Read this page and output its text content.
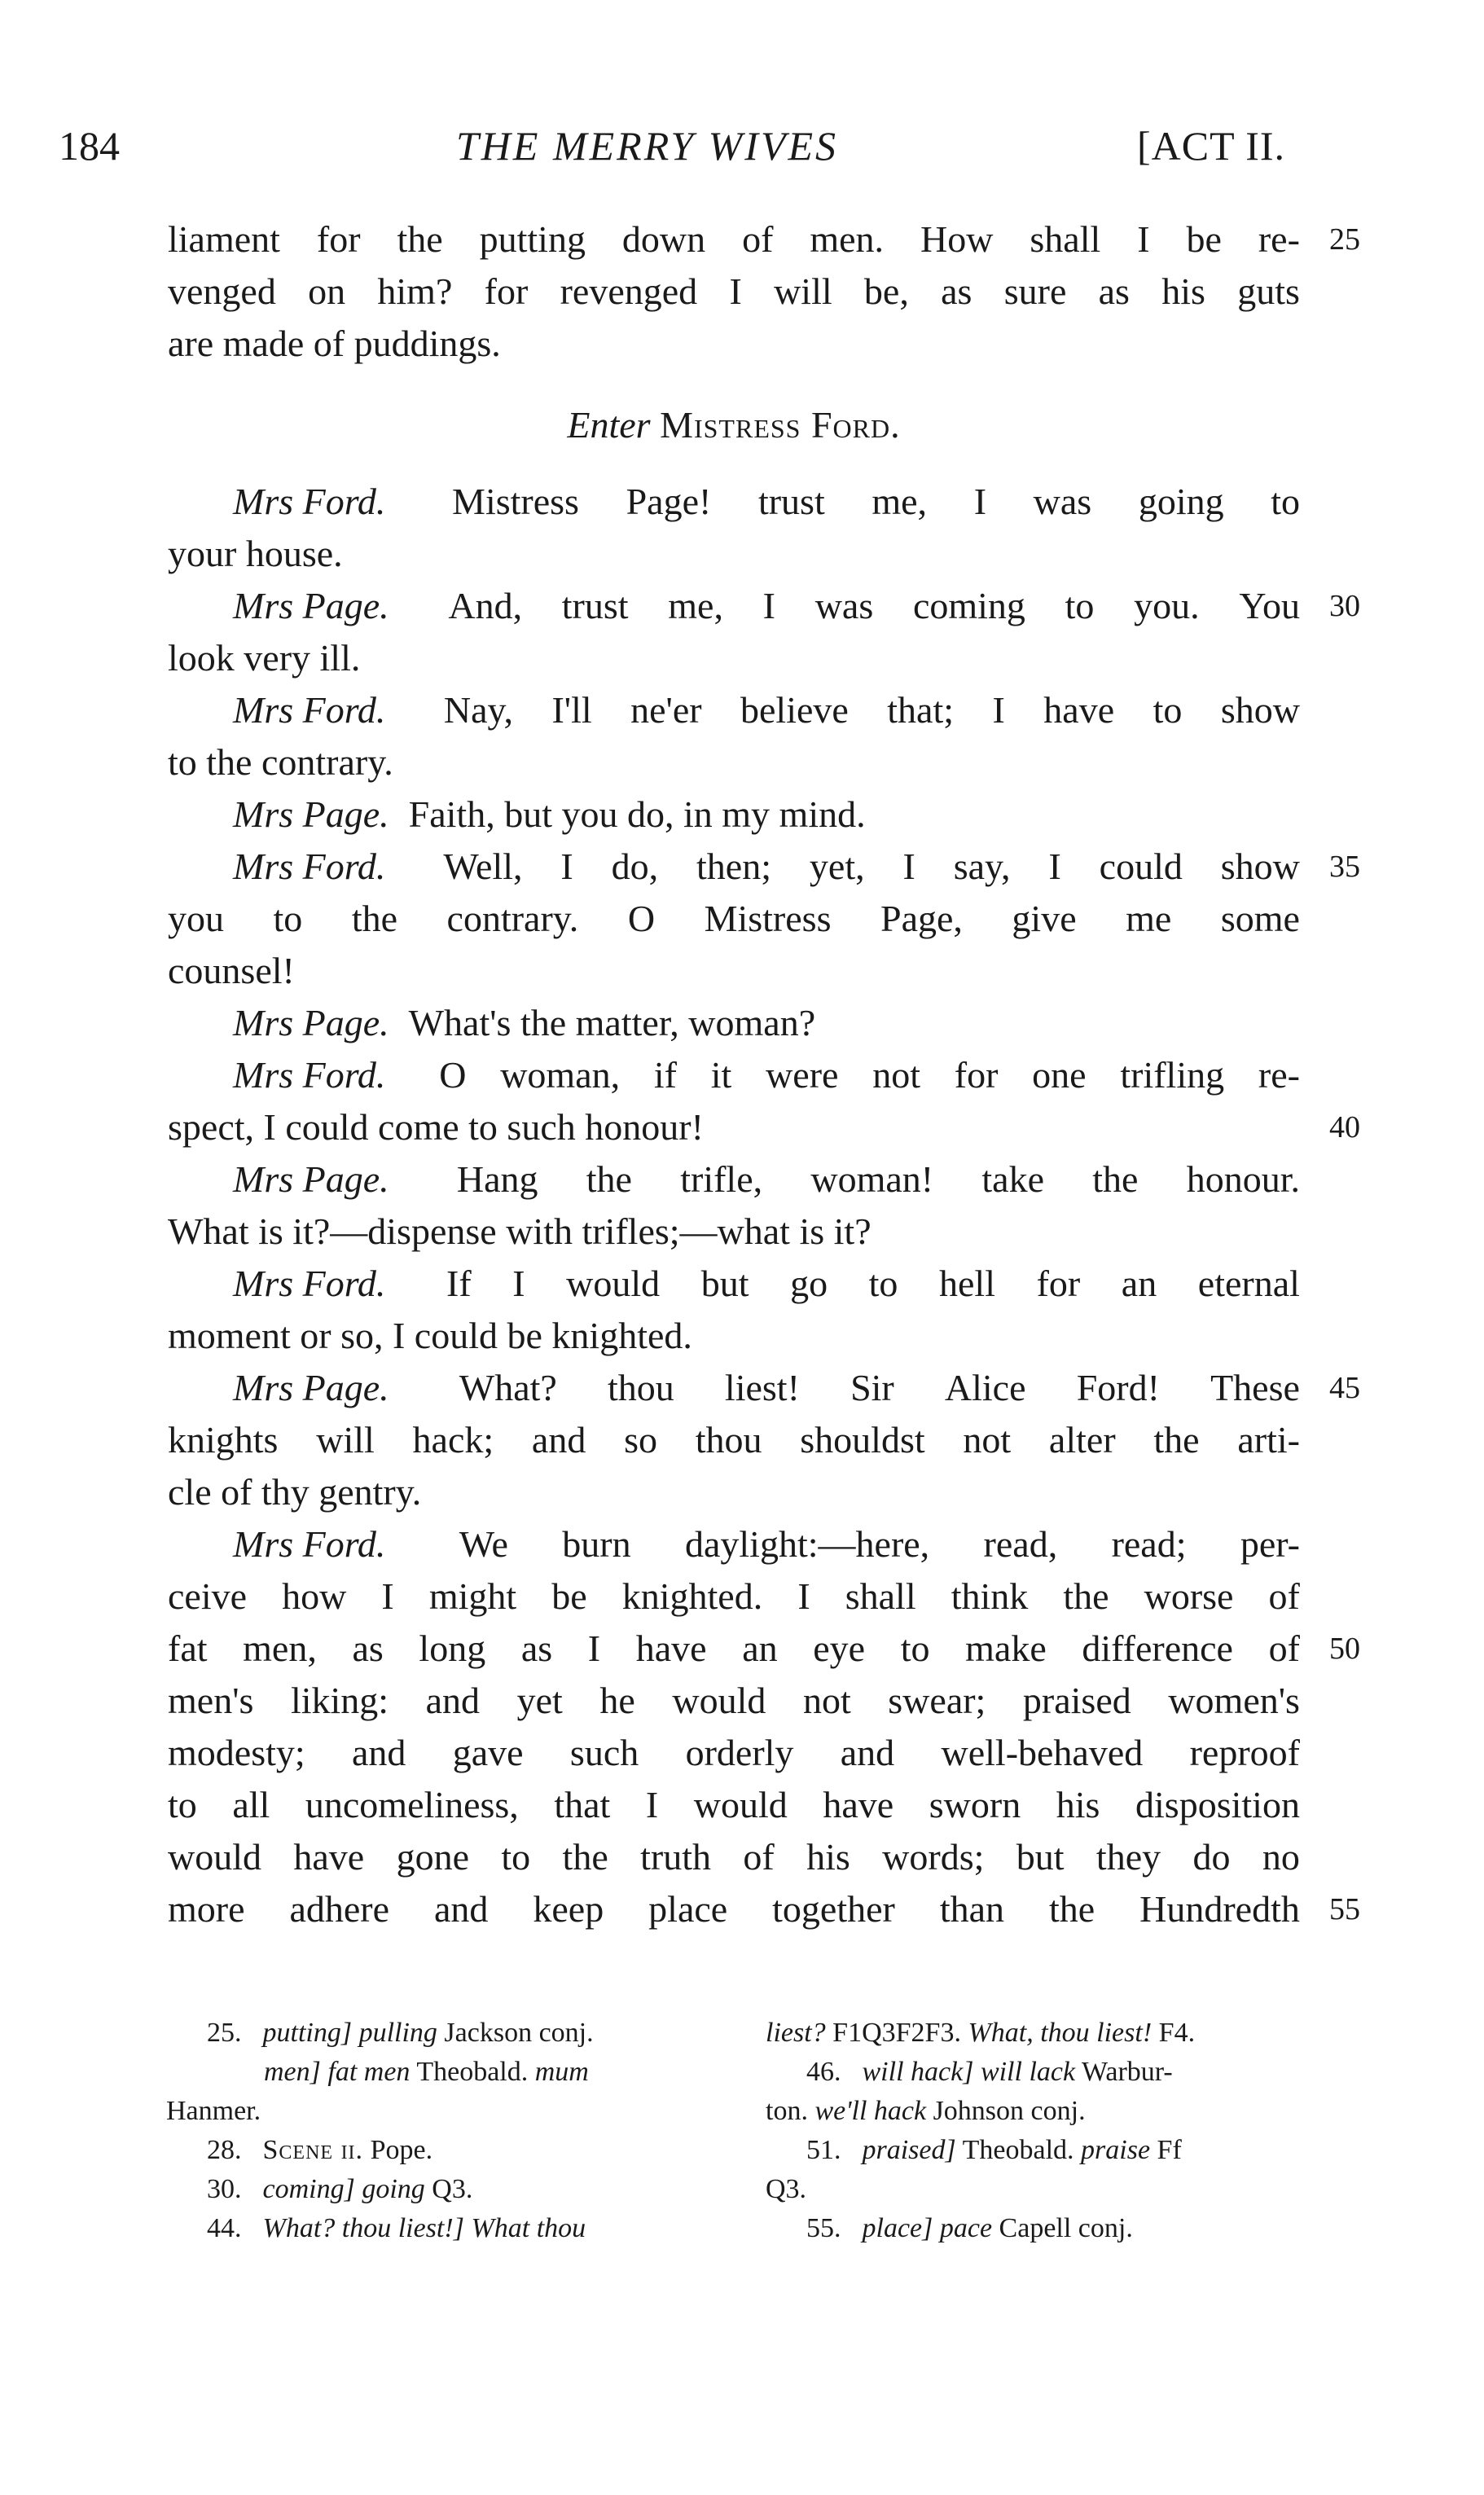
184	THE MERRY WIVES	[ACT II.
liament for the putting down of men. How shall I be re-
venged on him? for revenged I will be, as sure as his guts
are made of puddings.
Enter Mistress Ford.
Mrs Ford. Mistress Page! trust me, I was going to
your house.
Mrs Page. And, trust me, I was coming to you. You
look very ill.
Mrs Ford. Nay, I'll ne'er believe that; I have to show
to the contrary.
Mrs Page. Faith, but you do, in my mind.
Mrs Ford. Well, I do, then; yet, I say, I could show
you to the contrary. O Mistress Page, give me some
counsel!
Mrs Page. What's the matter, woman?
Mrs Ford. O woman, if it were not for one trifling re-
spect, I could come to such honour!
Mrs Page. Hang the trifle, woman! take the honour.
What is it?—dispense with trifles;—what is it?
Mrs Ford. If I would but go to hell for an eternal
moment or so, I could be knighted.
Mrs Page. What? thou liest! Sir Alice Ford! These
knights will hack; and so thou shouldst not alter the arti-
cle of thy gentry.
Mrs Ford. We burn daylight:—here, read, read; per-
ceive how I might be knighted. I shall think the worse of
fat men, as long as I have an eye to make difference of
men's liking: and yet he would not swear; praised women's
modesty; and gave such orderly and well-behaved reproof
to all uncomeliness, that I would have sworn his disposition
would have gone to the truth of his words; but they do no
more adhere and keep place together than the Hundredth
25
30
35
40
45
50
55
25. putting] pulling Jackson conj.
men] fat men Theobald. mum
Hanmer.
28. Scene ii. Pope.
30. coming] going Q3.
44. What? thou liest!] What thou
liest? F1Q3F2F3. What, thou liest! F4.
46. will hack] will lack Warbur-
ton. we'll hack Johnson conj.
51. praised] Theobald. praise Ff
Q3.
55. place] pace Capell conj.
